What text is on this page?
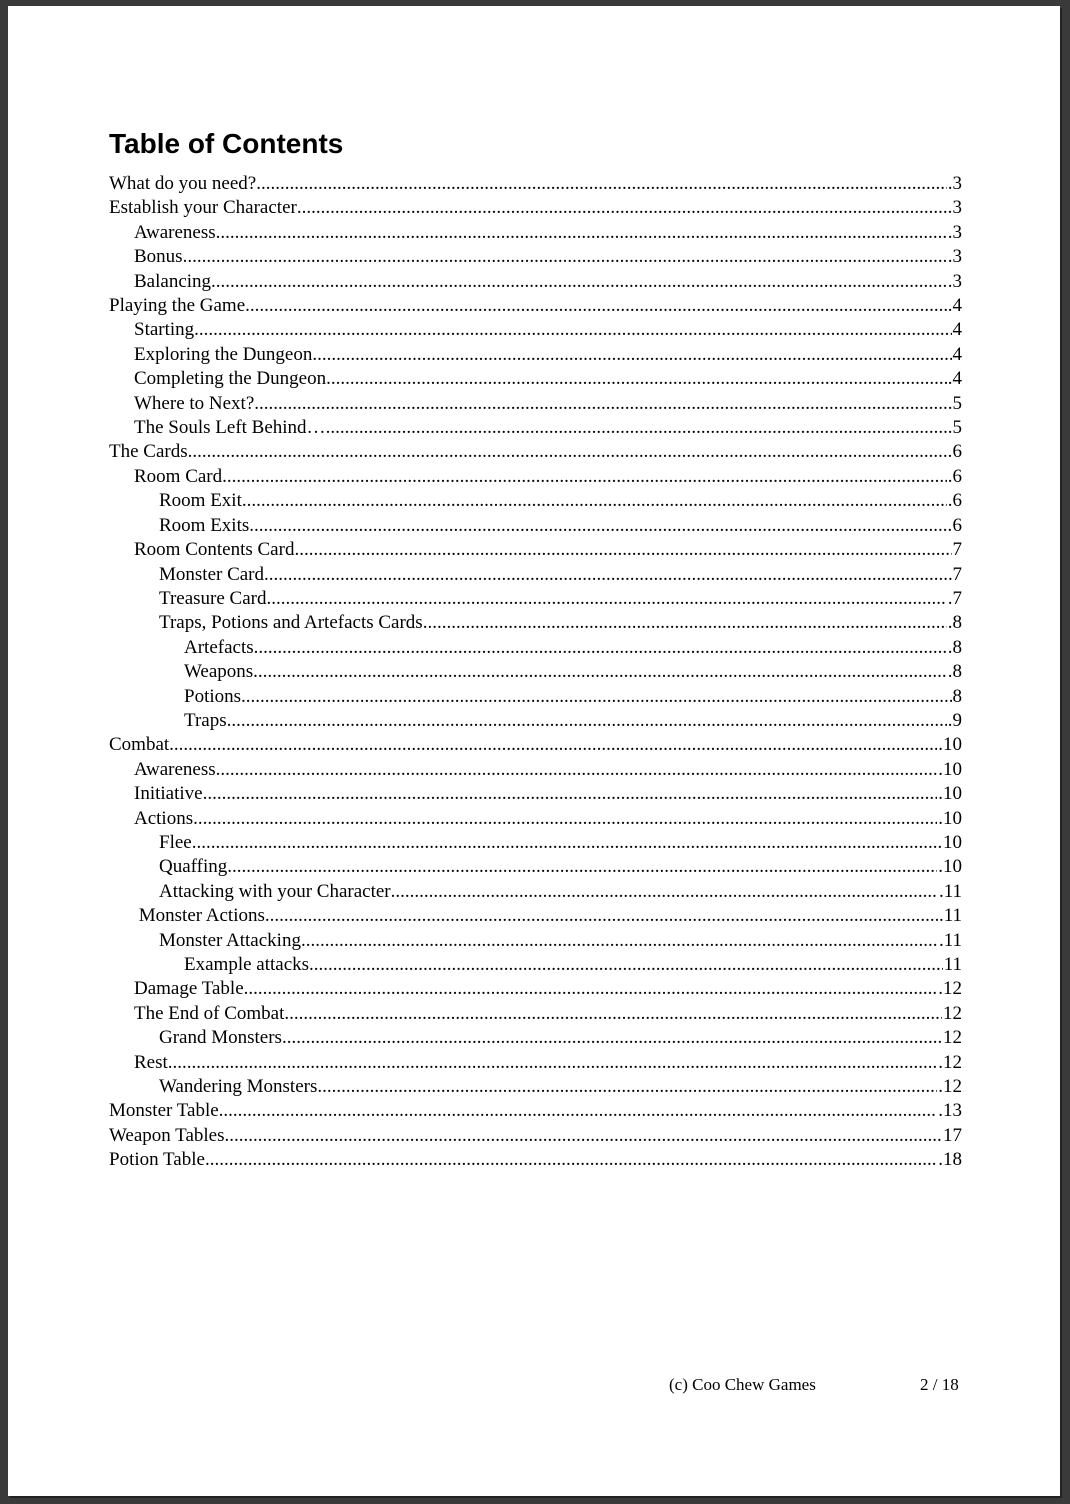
Table of Contents
What do you need? .....	.3
Establish your Character .....	3
Awareness .....	.3
Bonus .....	.3
Balancing .....	.3
Playing the Game .....	.4
Starting .....	4
Exploring the Dungeon .....	4
Completing the Dungeon .....	.4
Where to Next? .....	.5
The Souls Left Behind… .....	.5
The Cards .....	6
Room Card .....	.6
Room Exit .....	.6
Room Exits .....	6
Room Contents Card .....	7
Monster Card .....	7
Treasure Card .....	.7
Traps, Potions and Artefacts Cards .....	.8
Artefacts .....	.8
Weapons .....	.8
Potions .....	8
Traps .....	.9
Combat .....	.10
Awareness .....	.10
Initiative .....	.10
Actions .....	.10
Flee .....	10
Quaffing .....	.10
Attacking with your Character .....	.11
Monster Actions .....	.11
Monster Attacking .....	.11
Example attacks .....	11
Damage Table .....	.12
The End of Combat .....	12
Grand Monsters .....	12
Rest .....	.12
Wandering Monsters .....	.12
Monster Table .....	.13
Weapon Tables .....	17
Potion Table .....	.18
(c) Coo Chew Games	2 / 18
